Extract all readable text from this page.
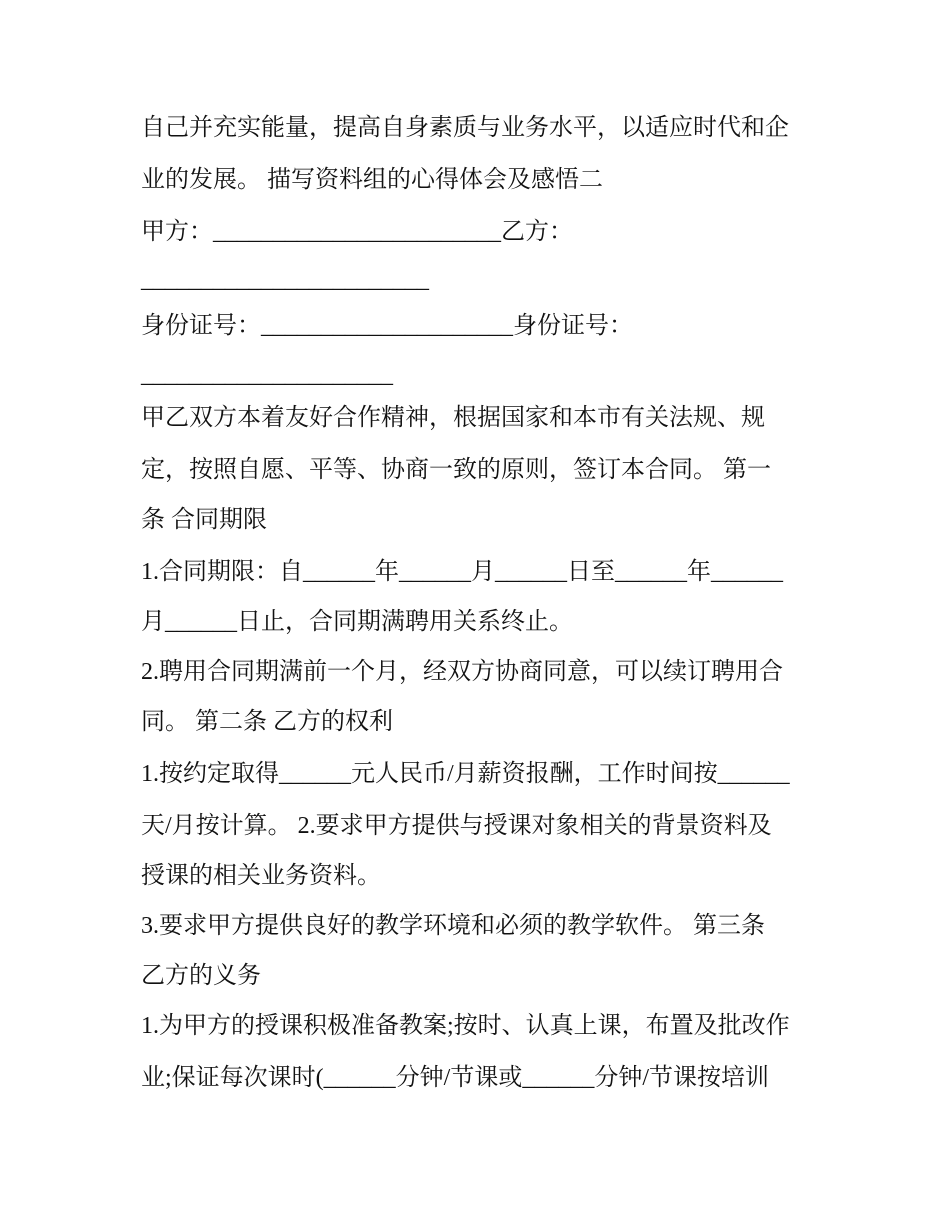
自己并充实能量，提高自身素质与业务水平，以适应时代和企
业的发展。 描写资料组的心得体会及感悟二
甲方：________________________乙方：
________________________
身份证号：_____________________身份证号：
_____________________
甲乙双方本着友好合作精神，根据国家和本市有关法规、规
定，按照自愿、平等、协商一致的原则，签订本合同。 第一
条 合同期限
1.合同期限：自______年______月______日至______年______
月______日止，合同期满聘用关系终止。
2.聘用合同期满前一个月，经双方协商同意，可以续订聘用合
同。 第二条 乙方的权利
1.按约定取得______元人民币/月薪资报酬，工作时间按______
天/月按计算。 2.要求甲方提供与授课对象相关的背景资料及
授课的相关业务资料。
3.要求甲方提供良好的教学环境和必须的教学软件。 第三条
乙方的义务
1.为甲方的授课积极准备教案;按时、认真上课，布置及批改作
业;保证每次课时(______分钟/节课或______分钟/节课按培训
